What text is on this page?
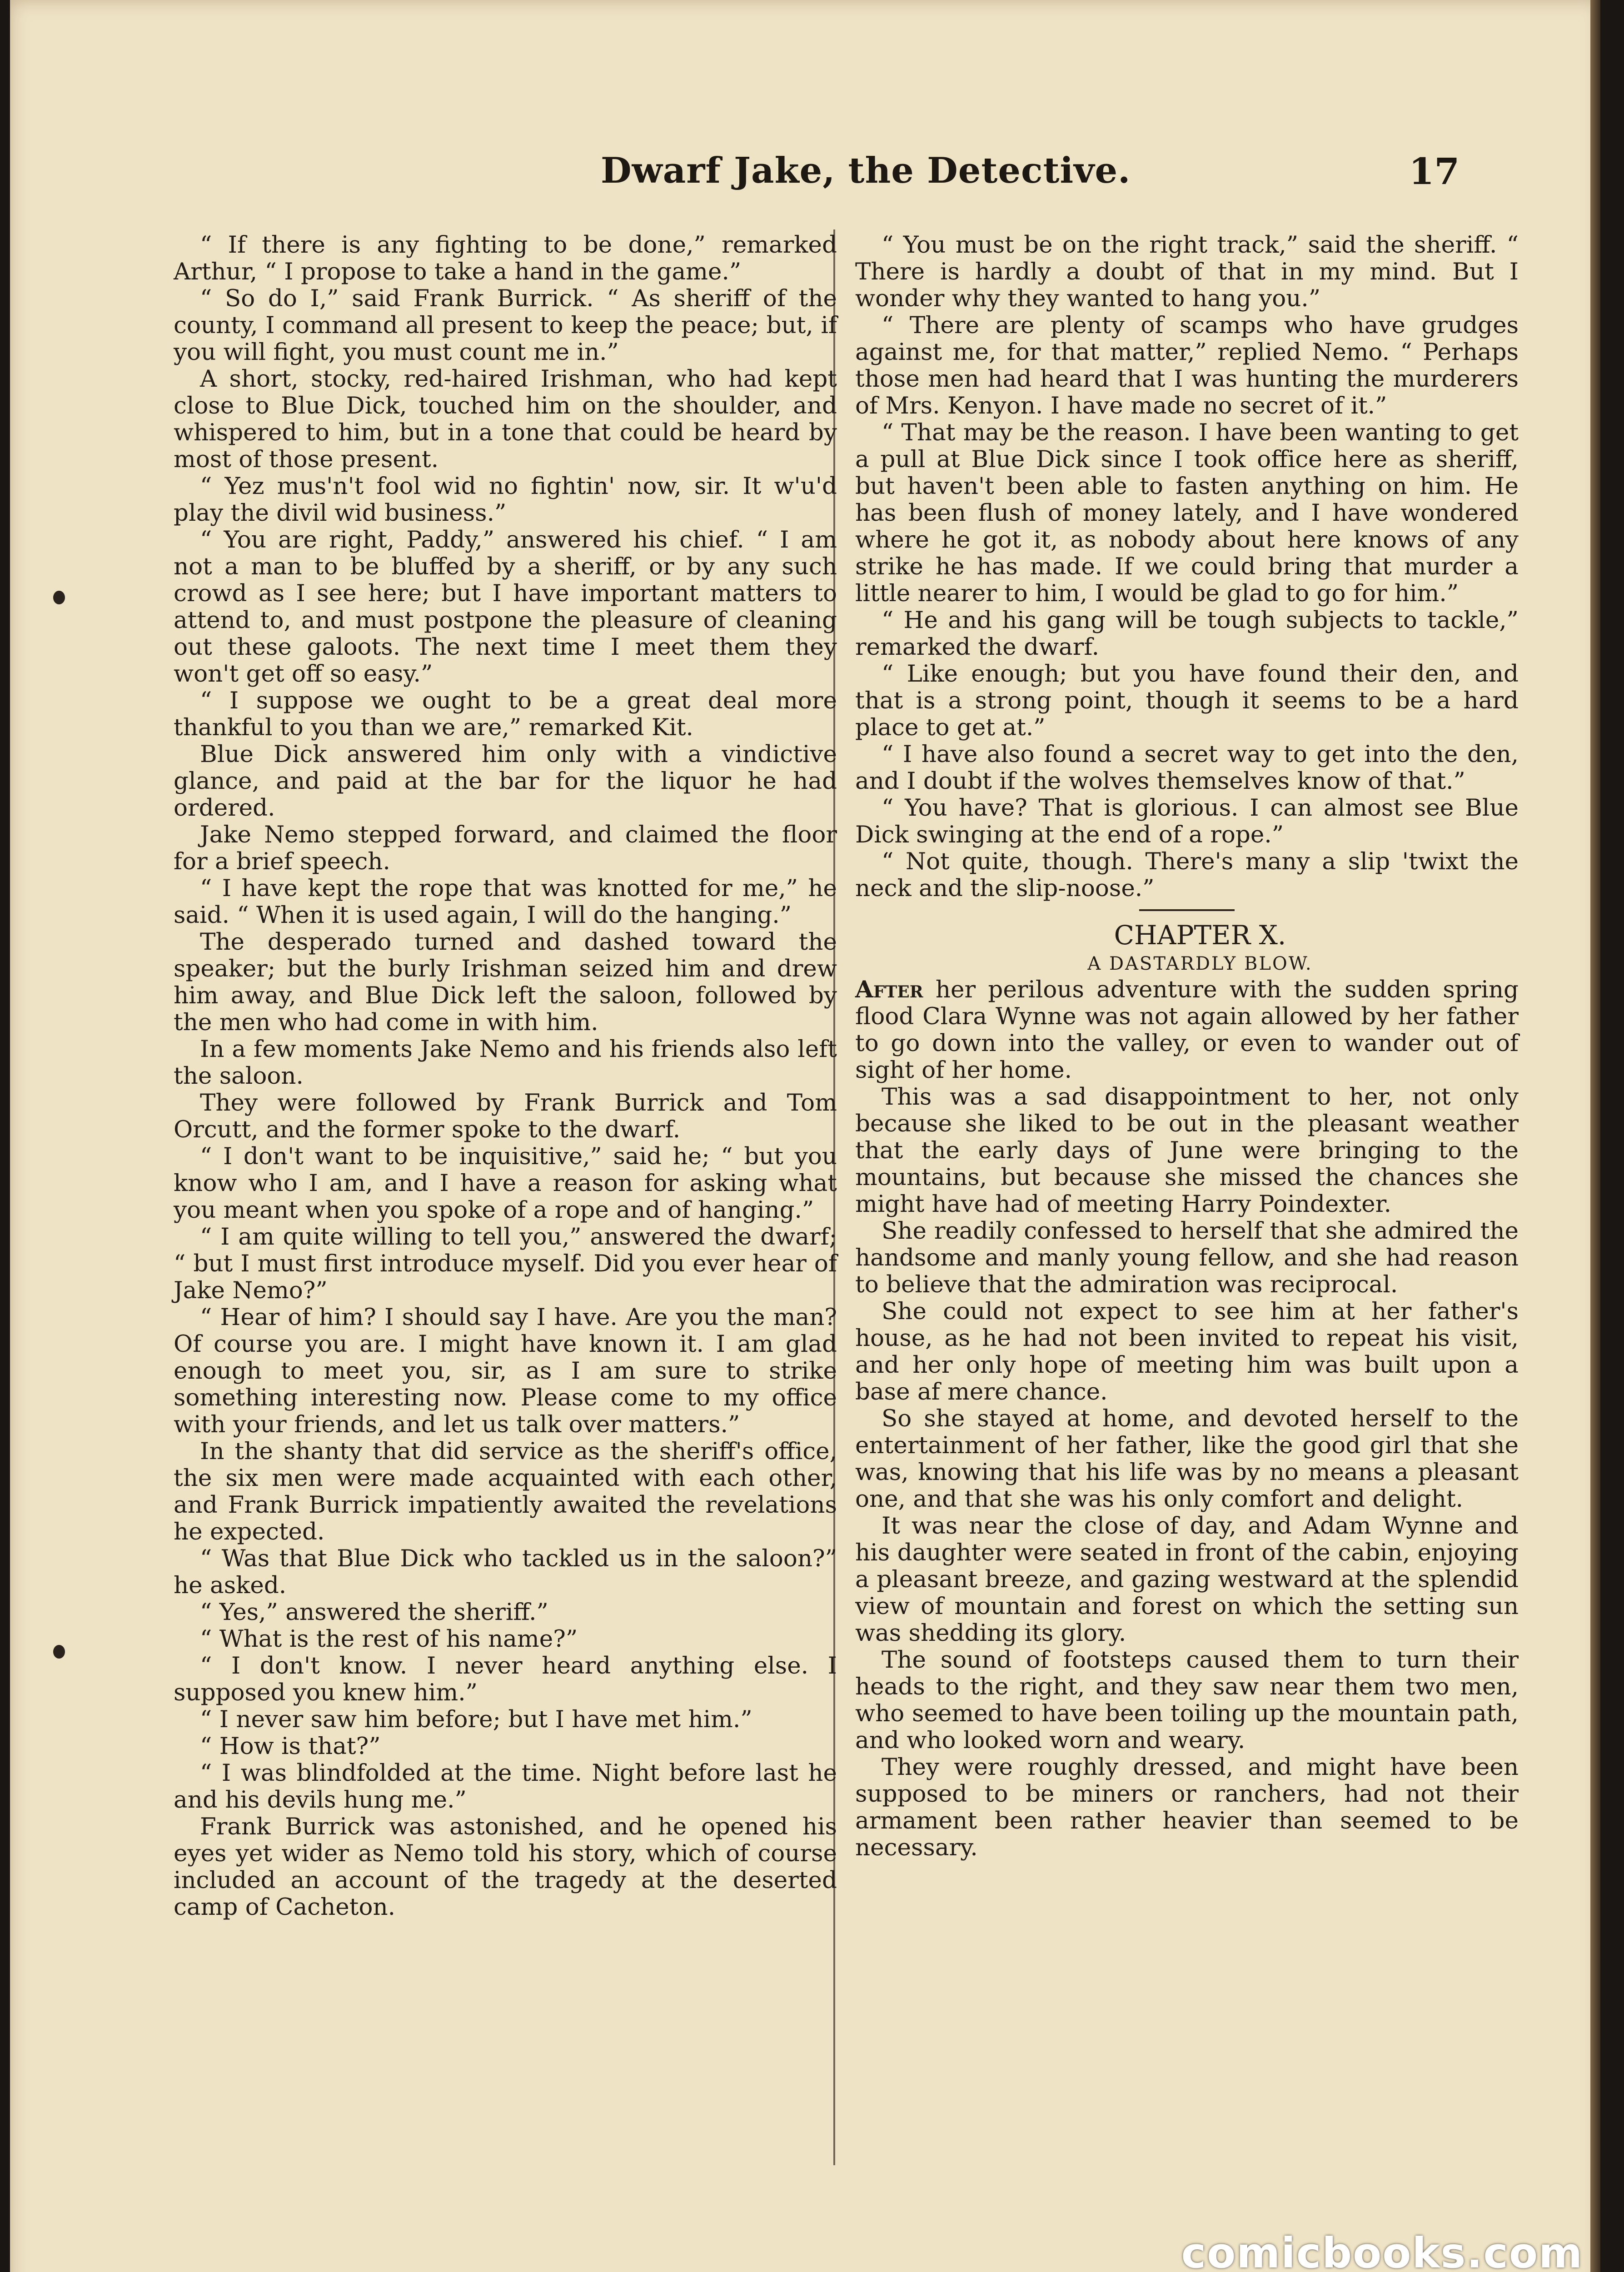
Dwarf Jake, the Detective.	17

“ If there is any fighting to be done,” remarked Arthur, “ I propose to take a hand in the game.”

“ So do I,” said Frank Burrick. “ As sheriff of the county, I command all present to keep the peace; but, if you will fight, you must count me in.”

A short, stocky, red-haired Irishman, who had kept close to Blue Dick, touched him on the shoulder, and whispered to him, but in a tone that could be heard by most of those present.

“ Yez mus'n't fool wid no fightin' now, sir. It w'u'd play the divil wid business.”

“ You are right, Paddy,” answered his chief. “ I am not a man to be bluffed by a sheriff, or by any such crowd as I see here; but I have important matters to attend to, and must postpone the pleasure of cleaning out these galoots. The next time I meet them they won't get off so easy.”

“ I suppose we ought to be a great deal more thankful to you than we are,” remarked Kit.

Blue Dick answered him only with a vindictive glance, and paid at the bar for the liquor he had ordered.

Jake Nemo stepped forward, and claimed the floor for a brief speech.

“ I have kept the rope that was knotted for me,” he said. “ When it is used again, I will do the hanging.”

The desperado turned and dashed toward the speaker; but the burly Irishman seized him and drew him away, and Blue Dick left the saloon, followed by the men who had come in with him.

In a few moments Jake Nemo and his friends also left the saloon.

They were followed by Frank Burrick and Tom Orcutt, and the former spoke to the dwarf.

“ I don't want to be inquisitive,” said he; “ but you know who I am, and I have a reason for asking what you meant when you spoke of a rope and of hanging.”

“ I am quite willing to tell you,” answered the dwarf; “ but I must first introduce myself. Did you ever hear of Jake Nemo?”

“ Hear of him? I should say I have. Are you the man? Of course you are. I might have known it. I am glad enough to meet you, sir, as I am sure to strike something interesting now. Please come to my office with your friends, and let us talk over matters.”

In the shanty that did service as the sheriff's office, the six men were made acquainted with each other, and Frank Burrick impatiently awaited the revelations he expected.

“ Was that Blue Dick who tackled us in the saloon?” he asked.

“ Yes,” answered the sheriff.”

“ What is the rest of his name?”

“ I don't know. I never heard anything else. I supposed you knew him.”

“ I never saw him before; but I have met him.”

“ How is that?”

“ I was blindfolded at the time. Night before last he and his devils hung me.”

Frank Burrick was astonished, and he opened his eyes yet wider as Nemo told his story, which of course included an account of the tragedy at the deserted camp of Cacheton.

“ You must be on the right track,” said the sheriff. “ There is hardly a doubt of that in my mind. But I wonder why they wanted to hang you.”

“ There are plenty of scamps who have grudges against me, for that matter,” replied Nemo. “ Perhaps those men had heard that I was hunting the murderers of Mrs. Kenyon. I have made no secret of it.”

“ That may be the reason. I have been wanting to get a pull at Blue Dick since I took office here as sheriff, but haven't been able to fasten anything on him. He has been flush of money lately, and I have wondered where he got it, as nobody about here knows of any strike he has made. If we could bring that murder a little nearer to him, I would be glad to go for him.”

“ He and his gang will be tough subjects to tackle,” remarked the dwarf.

“ Like enough; but you have found their den, and that is a strong point, though it seems to be a hard place to get at.”

“ I have also found a secret way to get into the den, and I doubt if the wolves themselves know of that.”

“ You have? That is glorious. I can almost see Blue Dick swinging at the end of a rope.”

“ Not quite, though. There's many a slip 'twixt the neck and the slip-noose.”

CHAPTER X.

A DASTARDLY BLOW.

After her perilous adventure with the sudden spring flood Clara Wynne was not again allowed by her father to go down into the valley, or even to wander out of sight of her home.

This was a sad disappointment to her, not only because she liked to be out in the pleasant weather that the early days of June were bringing to the mountains, but because she missed the chances she might have had of meeting Harry Poindexter.

She readily confessed to herself that she admired the handsome and manly young fellow, and she had reason to believe that the admiration was reciprocal.

She could not expect to see him at her father's house, as he had not been invited to repeat his visit, and her only hope of meeting him was built upon a base af mere chance.

So she stayed at home, and devoted herself to the entertainment of her father, like the good girl that she was, knowing that his life was by no means a pleasant one, and that she was his only comfort and delight.

It was near the close of day, and Adam Wynne and his daughter were seated in front of the cabin, enjoying a pleasant breeze, and gazing westward at the splendid view of mountain and forest on which the setting sun was shedding its glory.

The sound of footsteps caused them to turn their heads to the right, and they saw near them two men, who seemed to have been toiling up the mountain path, and who looked worn and weary.

They were roughly dressed, and might have been supposed to be miners or ranchers, had not their armament been rather heavier than seemed to be necessary.

comicbooks.com
